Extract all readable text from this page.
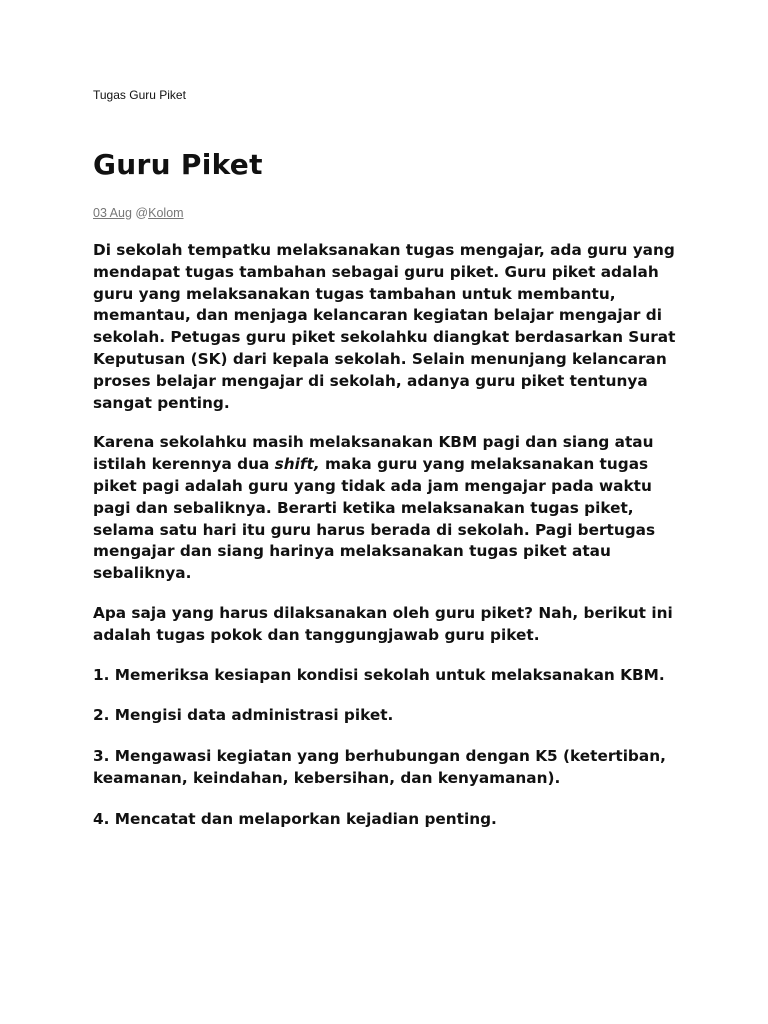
Tugas Guru Piket

Guru Piket

03 Aug @Kolom

Di sekolah tempatku melaksanakan tugas mengajar, ada guru yang mendapat tugas tambahan sebagai guru piket. Guru piket adalah guru yang melaksanakan tugas tambahan untuk membantu, memantau, dan menjaga kelancaran kegiatan belajar mengajar di sekolah. Petugas guru piket sekolahku diangkat berdasarkan Surat Keputusan (SK) dari kepala sekolah. Selain menunjang kelancaran proses belajar mengajar di sekolah, adanya guru piket tentunya sangat penting.

Karena sekolahku masih melaksanakan KBM pagi dan siang atau istilah kerennya dua shift, maka guru yang melaksanakan tugas piket pagi adalah guru yang tidak ada jam mengajar pada waktu pagi dan sebaliknya. Berarti ketika melaksanakan tugas piket, selama satu hari itu guru harus berada di sekolah. Pagi bertugas mengajar dan siang harinya melaksanakan tugas piket atau sebaliknya.

Apa saja yang harus dilaksanakan oleh guru piket? Nah, berikut ini adalah tugas pokok dan tanggungjawab guru piket.

1. Memeriksa kesiapan kondisi sekolah untuk melaksanakan KBM.

2. Mengisi data administrasi piket.

3. Mengawasi kegiatan yang berhubungan dengan K5 (ketertiban, keamanan, keindahan, kebersihan, dan kenyamanan).

4. Mencatat dan melaporkan kejadian penting.
